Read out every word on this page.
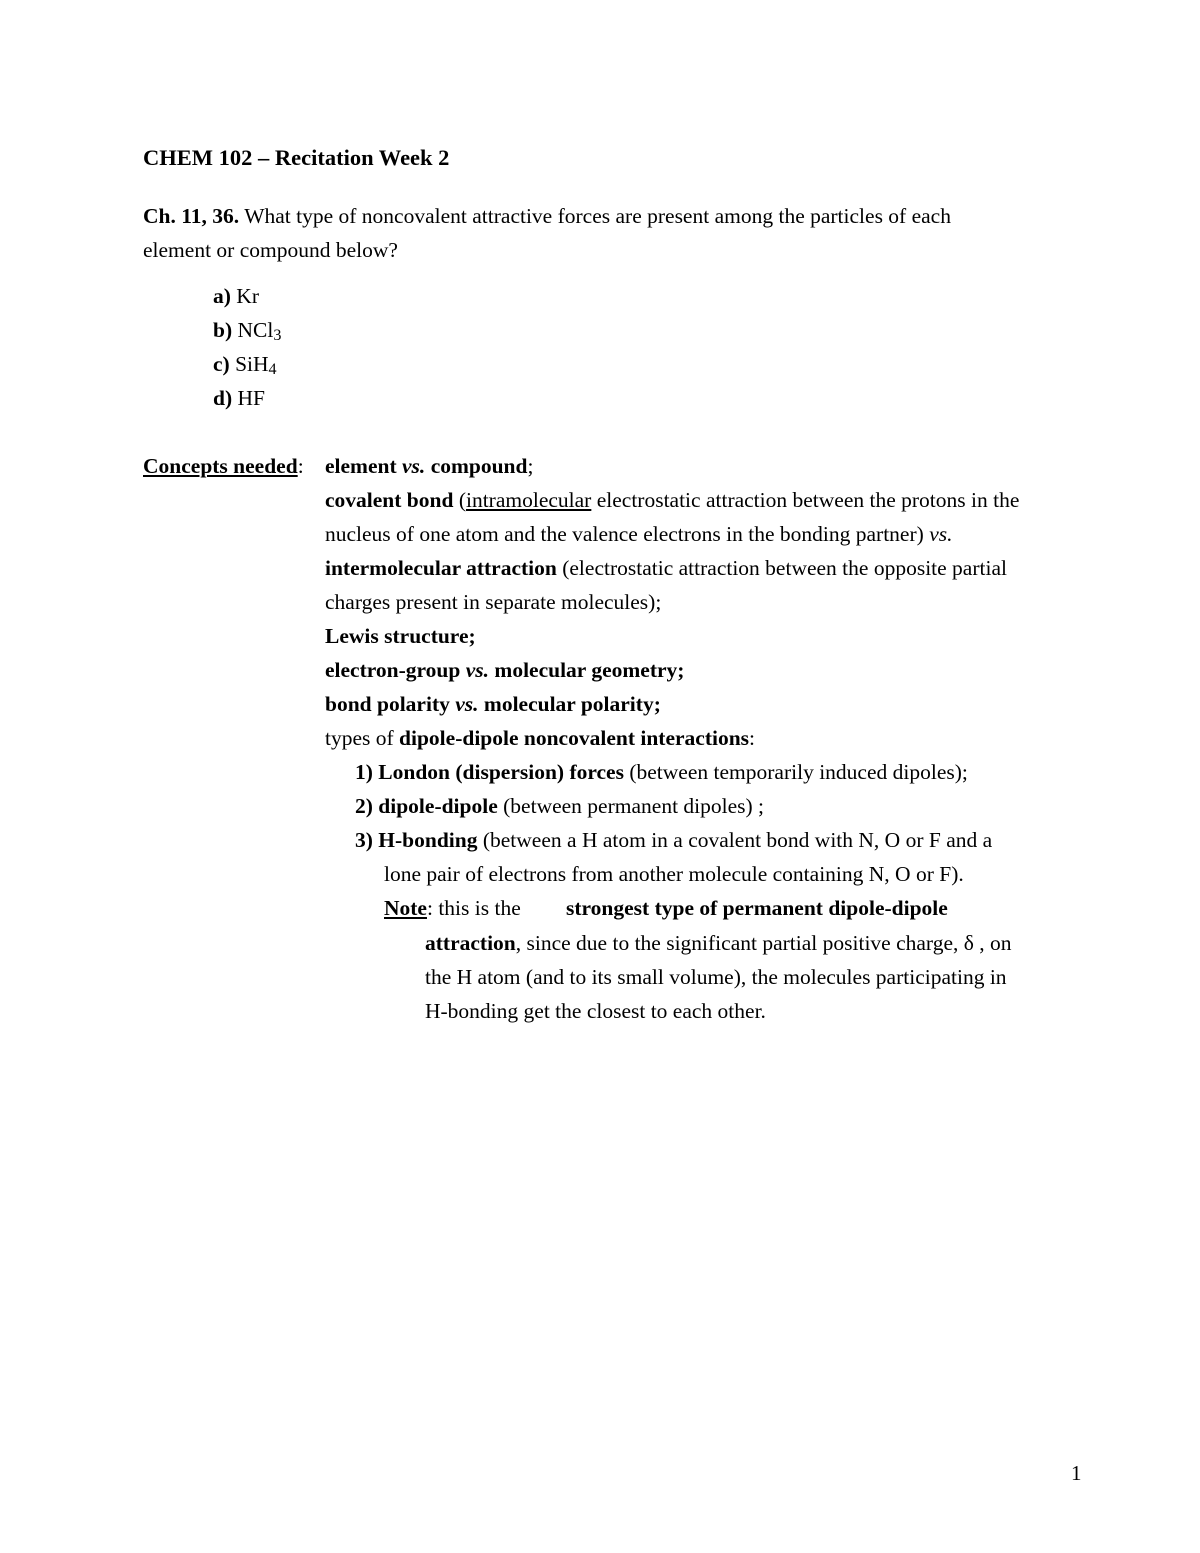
CHEM 102 – Recitation Week 2
Ch. 11, 36. What type of noncovalent attractive forces are present among the particles of each
element or compound below?
a) Kr
b) NCl$_3$
c) SiH$_4$
d) HF
Concepts needed: element vs. compound;
covalent bond (intramolecular electrostatic attraction between the protons in the
nucleus of one atom and the valence electrons in the bonding partner) vs.
intermolecular attraction (electrostatic attraction between the opposite partial
charges present in separate molecules);
Lewis structure;
electron-group vs. molecular geometry;
bond polarity vs. molecular polarity;
types of dipole-dipole noncovalent interactions:
1) London (dispersion) forces (between temporarily induced dipoles);
2) dipole-dipole (between permanent dipoles) ;
3) H-bonding (between a H atom in a covalent bond with N, O or F and a
lone pair of electrons from another molecule containing N, O or F).
Note: this is the strongest type of permanent dipole-dipole
attraction, since due to the significant partial positive charge, δ , on
the H atom (and to its small volume), the molecules participating in
H-bonding get the closest to each other.
1
